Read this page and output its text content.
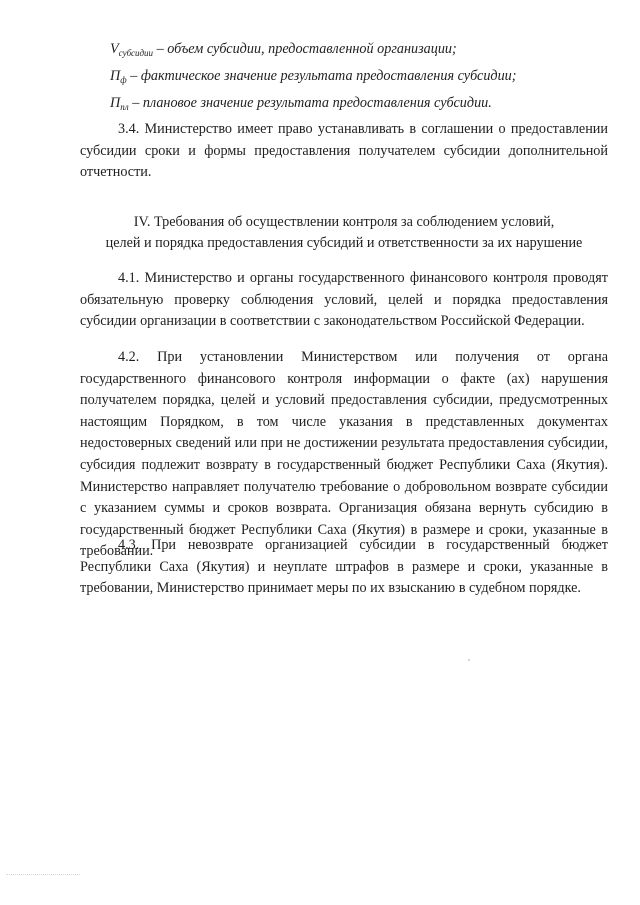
$V_{субсидии}$ – объем субсидии, предоставленной организации;
$П_ф$ – фактическое значение результата предоставления субсидии;
$П_{пл}$ – плановое значение результата предоставления субсидии.
3.4. Министерство имеет право устанавливать в соглашении о предоставлении субсидии сроки и формы предоставления получателем субсидии дополнительной отчетности.
IV. Требования об осуществлении контроля за соблюдением условий,
целей и порядка предоставления субсидий и ответственности за их нарушение
4.1. Министерство и органы государственного финансового контроля проводят обязательную проверку соблюдения условий, целей и порядка предоставления субсидии организации в соответствии с законодательством Российской Федерации.
4.2. При установлении Министерством или получения от органа государственного финансового контроля информации о факте (ах) нарушения получателем порядка, целей и условий предоставления субсидии, предусмотренных настоящим Порядком, в том числе указания в представленных документах недостоверных сведений или при не достижении результата предоставления субсидии, субсидия подлежит возврату в государственный бюджет Республики Саха (Якутия). Министерство направляет получателю требование о добровольном возврате субсидии с указанием суммы и сроков возврата. Организация обязана вернуть субсидию в государственный бюджет Республики Саха (Якутия) в размере и сроки, указанные в требовании.
4.3. При невозврате организацией субсидии в государственный бюджет Республики Саха (Якутия) и неуплате штрафов в размере и сроки, указанные в требовании, Министерство принимает меры по их взысканию в судебном порядке.
